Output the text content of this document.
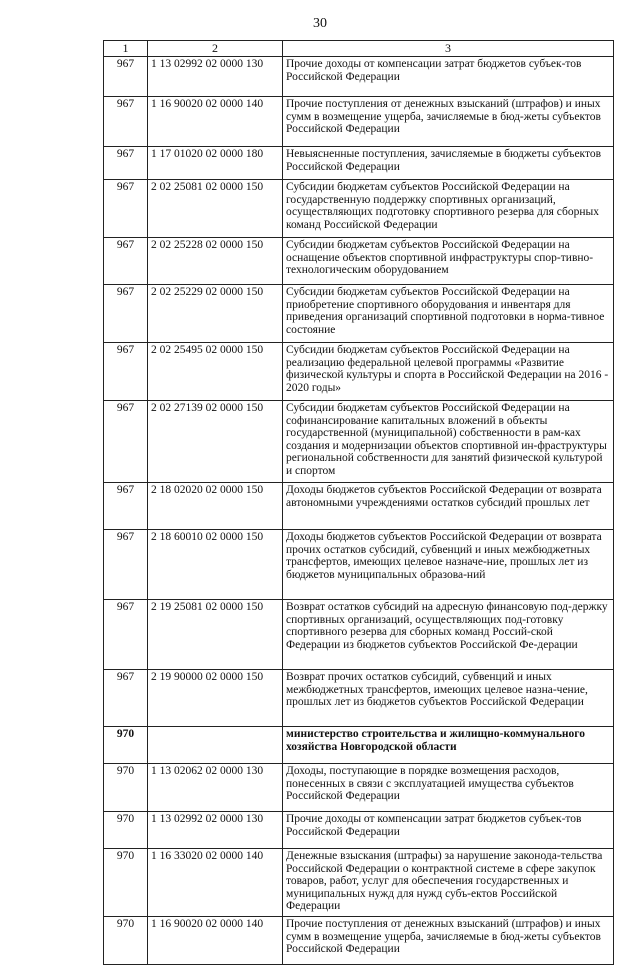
30
1	2	3
967	1 13 02992 02 0000 130	Прочие доходы от компенсации затрат бюджетов субъек-тов Российской Федерации
967	1 16 90020 02 0000 140	Прочие поступления от денежных взысканий (штрафов) и иных сумм в возмещение ущерба, зачисляемые в бюд-жеты субъектов Российской Федерации
967	1 17 01020 02 0000 180	Невыясненные поступления, зачисляемые в бюджеты субъектов Российской Федерации
967	2 02 25081 02 0000 150	Субсидии бюджетам субъектов Российской Федерации на государственную поддержку спортивных организаций, осуществляющих подготовку спортивного резерва для сборных команд Российской Федерации
967	2 02 25228 02 0000 150	Субсидии бюджетам субъектов Российской Федерации на оснащение объектов спортивной инфраструктуры спор-тивно-технологическим оборудованием
967	2 02 25229 02 0000 150	Субсидии бюджетам субъектов Российской Федерации на приобретение спортивного оборудования и инвентаря для приведения организаций спортивной подготовки в норма-тивное состояние
967	2 02 25495 02 0000 150	Субсидии бюджетам субъектов Российской Федерации на реализацию федеральной целевой программы «Развитие физической культуры и спорта в Российской Федерации на 2016 - 2020 годы»
967	2 02 27139 02 0000 150	Субсидии бюджетам субъектов Российской Федерации на софинансирование капитальных вложений в объекты государственной (муниципальной) собственности в рам-ках создания и модернизации объектов спортивной ин-фраструктуры региональной собственности для занятий физической культурой и спортом
967	2 18 02020 02 0000 150	Доходы бюджетов субъектов Российской Федерации от возврата автономными учреждениями остатков субсидий прошлых лет
967	2 18 60010 02 0000 150	Доходы бюджетов субъектов Российской Федерации от возврата прочих остатков субсидий, субвенций и иных межбюджетных трансфертов, имеющих целевое назначе-ние, прошлых лет из бюджетов муниципальных образова-ний
967	2 19 25081 02 0000 150	Возврат остатков субсидий на адресную финансовую под-держку спортивных организаций, осуществляющих под-готовку спортивного резерва для сборных команд Россий-ской Федерации из бюджетов субъектов Российской Фе-дерации
967	2 19 90000 02 0000 150	Возврат прочих остатков субсидий, субвенций и иных межбюджетных трансфертов, имеющих целевое назна-чение, прошлых лет из бюджетов субъектов Российской Федерации
970		министерство строительства и жилищно-коммунального хозяйства Новгородской области
970	1 13 02062 02 0000 130	Доходы, поступающие в порядке возмещения расходов, понесенных в связи с эксплуатацией имущества субъектов Российской Федерации
970	1 13 02992 02 0000 130	Прочие доходы от компенсации затрат бюджетов субъек-тов Российской Федерации
970	1 16 33020 02 0000 140	Денежные взыскания (штрафы) за нарушение законода-тельства Российской Федерации о контрактной системе в сфере закупок товаров, работ, услуг для обеспечения государственных и муниципальных нужд для нужд субъ-ектов Российской Федерации
970	1 16 90020 02 0000 140	Прочие поступления от денежных взысканий (штрафов) и иных сумм в возмещение ущерба, зачисляемые в бюд-жеты субъектов Российской Федерации
